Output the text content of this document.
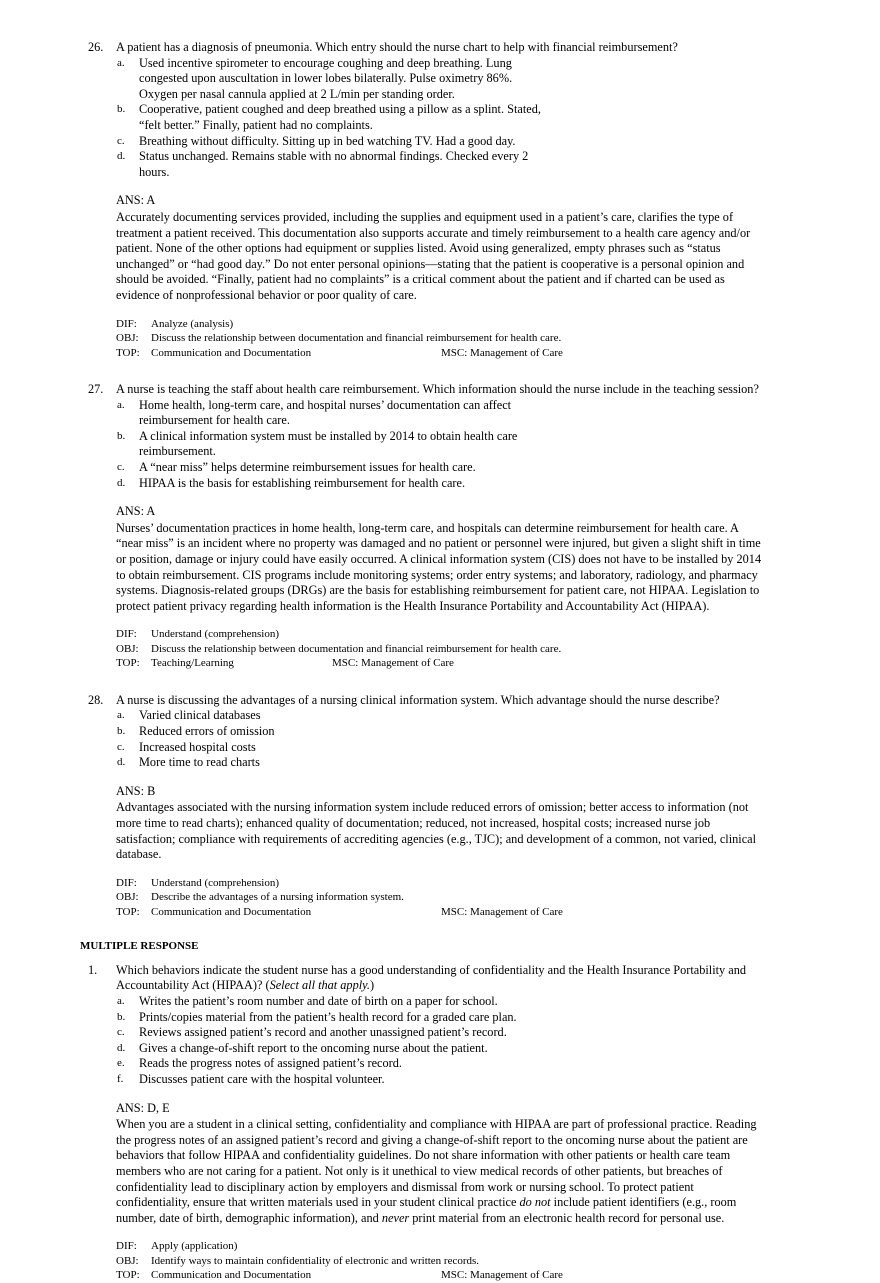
26. A patient has a diagnosis of pneumonia. Which entry should the nurse chart to help with financial reimbursement?
a. Used incentive spirometer to encourage coughing and deep breathing. Lung
congested upon auscultation in lower lobes bilaterally. Pulse oximetry 86%.
Oxygen per nasal cannula applied at 2 L/min per standing order.
b. Cooperative, patient coughed and deep breathed using a pillow as a splint. Stated,
“felt better.” Finally, patient had no complaints.
c. Breathing without difficulty. Sitting up in bed watching TV. Had a good day.
d. Status unchanged. Remains stable with no abnormal findings. Checked every 2
hours.
ANS: A
Accurately documenting services provided, including the supplies and equipment used in a patient’s care, clarifies the type of
treatment a patient received. This documentation also supports accurate and timely reimbursement to a health care agency and/or
patient. None of the other options had equipment or supplies listed. Avoid using generalized, empty phrases such as “status
unchanged” or “had good day.” Do not enter personal opinions—stating that the patient is cooperative is a personal opinion and
should be avoided. “Finally, patient had no complaints” is a critical comment about the patient and if charted can be used as
evidence of nonprofessional behavior or poor quality of care.
DIF: Analyze (analysis)
OBJ: Discuss the relationship between documentation and financial reimbursement for health care.
TOP: Communication and Documentation	MSC: Management of Care
27. A nurse is teaching the staff about health care reimbursement. Which information should the nurse include in the teaching session?
a. Home health, long-term care, and hospital nurses’ documentation can affect
reimbursement for health care.
b. A clinical information system must be installed by 2014 to obtain health care
reimbursement.
c. A “near miss” helps determine reimbursement issues for health care.
d. HIPAA is the basis for establishing reimbursement for health care.
ANS: A
Nurses’ documentation practices in home health, long-term care, and hospitals can determine reimbursement for health care. A
“near miss” is an incident where no property was damaged and no patient or personnel were injured, but given a slight shift in time
or position, damage or injury could have easily occurred. A clinical information system (CIS) does not have to be installed by 2014
to obtain reimbursement. CIS programs include monitoring systems; order entry systems; and laboratory, radiology, and pharmacy
systems. Diagnosis-related groups (DRGs) are the basis for establishing reimbursement for patient care, not HIPAA. Legislation to
protect patient privacy regarding health information is the Health Insurance Portability and Accountability Act (HIPAA).
DIF: Understand (comprehension)
OBJ: Discuss the relationship between documentation and financial reimbursement for health care.
TOP: Teaching/Learning	MSC: Management of Care
28. A nurse is discussing the advantages of a nursing clinical information system. Which advantage should the nurse describe?
a. Varied clinical databases
b. Reduced errors of omission
c. Increased hospital costs
d. More time to read charts
ANS: B
Advantages associated with the nursing information system include reduced errors of omission; better access to information (not
more time to read charts); enhanced quality of documentation; reduced, not increased, hospital costs; increased nurse job
satisfaction; compliance with requirements of accrediting agencies (e.g., TJC); and development of a common, not varied, clinical
database.
DIF: Understand (comprehension)
OBJ: Describe the advantages of a nursing information system.
TOP: Communication and Documentation	MSC: Management of Care
MULTIPLE RESPONSE
1. Which behaviors indicate the student nurse has a good understanding of confidentiality and the Health Insurance Portability and
Accountability Act (HIPAA)? (Select all that apply.)
a. Writes the patient’s room number and date of birth on a paper for school.
b. Prints/copies material from the patient’s health record for a graded care plan.
c. Reviews assigned patient’s record and another unassigned patient’s record.
d. Gives a change-of-shift report to the oncoming nurse about the patient.
e. Reads the progress notes of assigned patient’s record.
f. Discusses patient care with the hospital volunteer.
ANS: D, E
When you are a student in a clinical setting, confidentiality and compliance with HIPAA are part of professional practice. Reading
the progress notes of an assigned patient’s record and giving a change-of-shift report to the oncoming nurse about the patient are
behaviors that follow HIPAA and confidentiality guidelines. Do not share information with other patients or health care team
members who are not caring for a patient. Not only is it unethical to view medical records of other patients, but breaches of
confidentiality lead to disciplinary action by employers and dismissal from work or nursing school. To protect patient
confidentiality, ensure that written materials used in your student clinical practice do not include patient identifiers (e.g., room
number, date of birth, demographic information), and never print material from an electronic health record for personal use.
DIF: Apply (application)
OBJ: Identify ways to maintain confidentiality of electronic and written records.
TOP: Communication and Documentation	MSC: Management of Care
